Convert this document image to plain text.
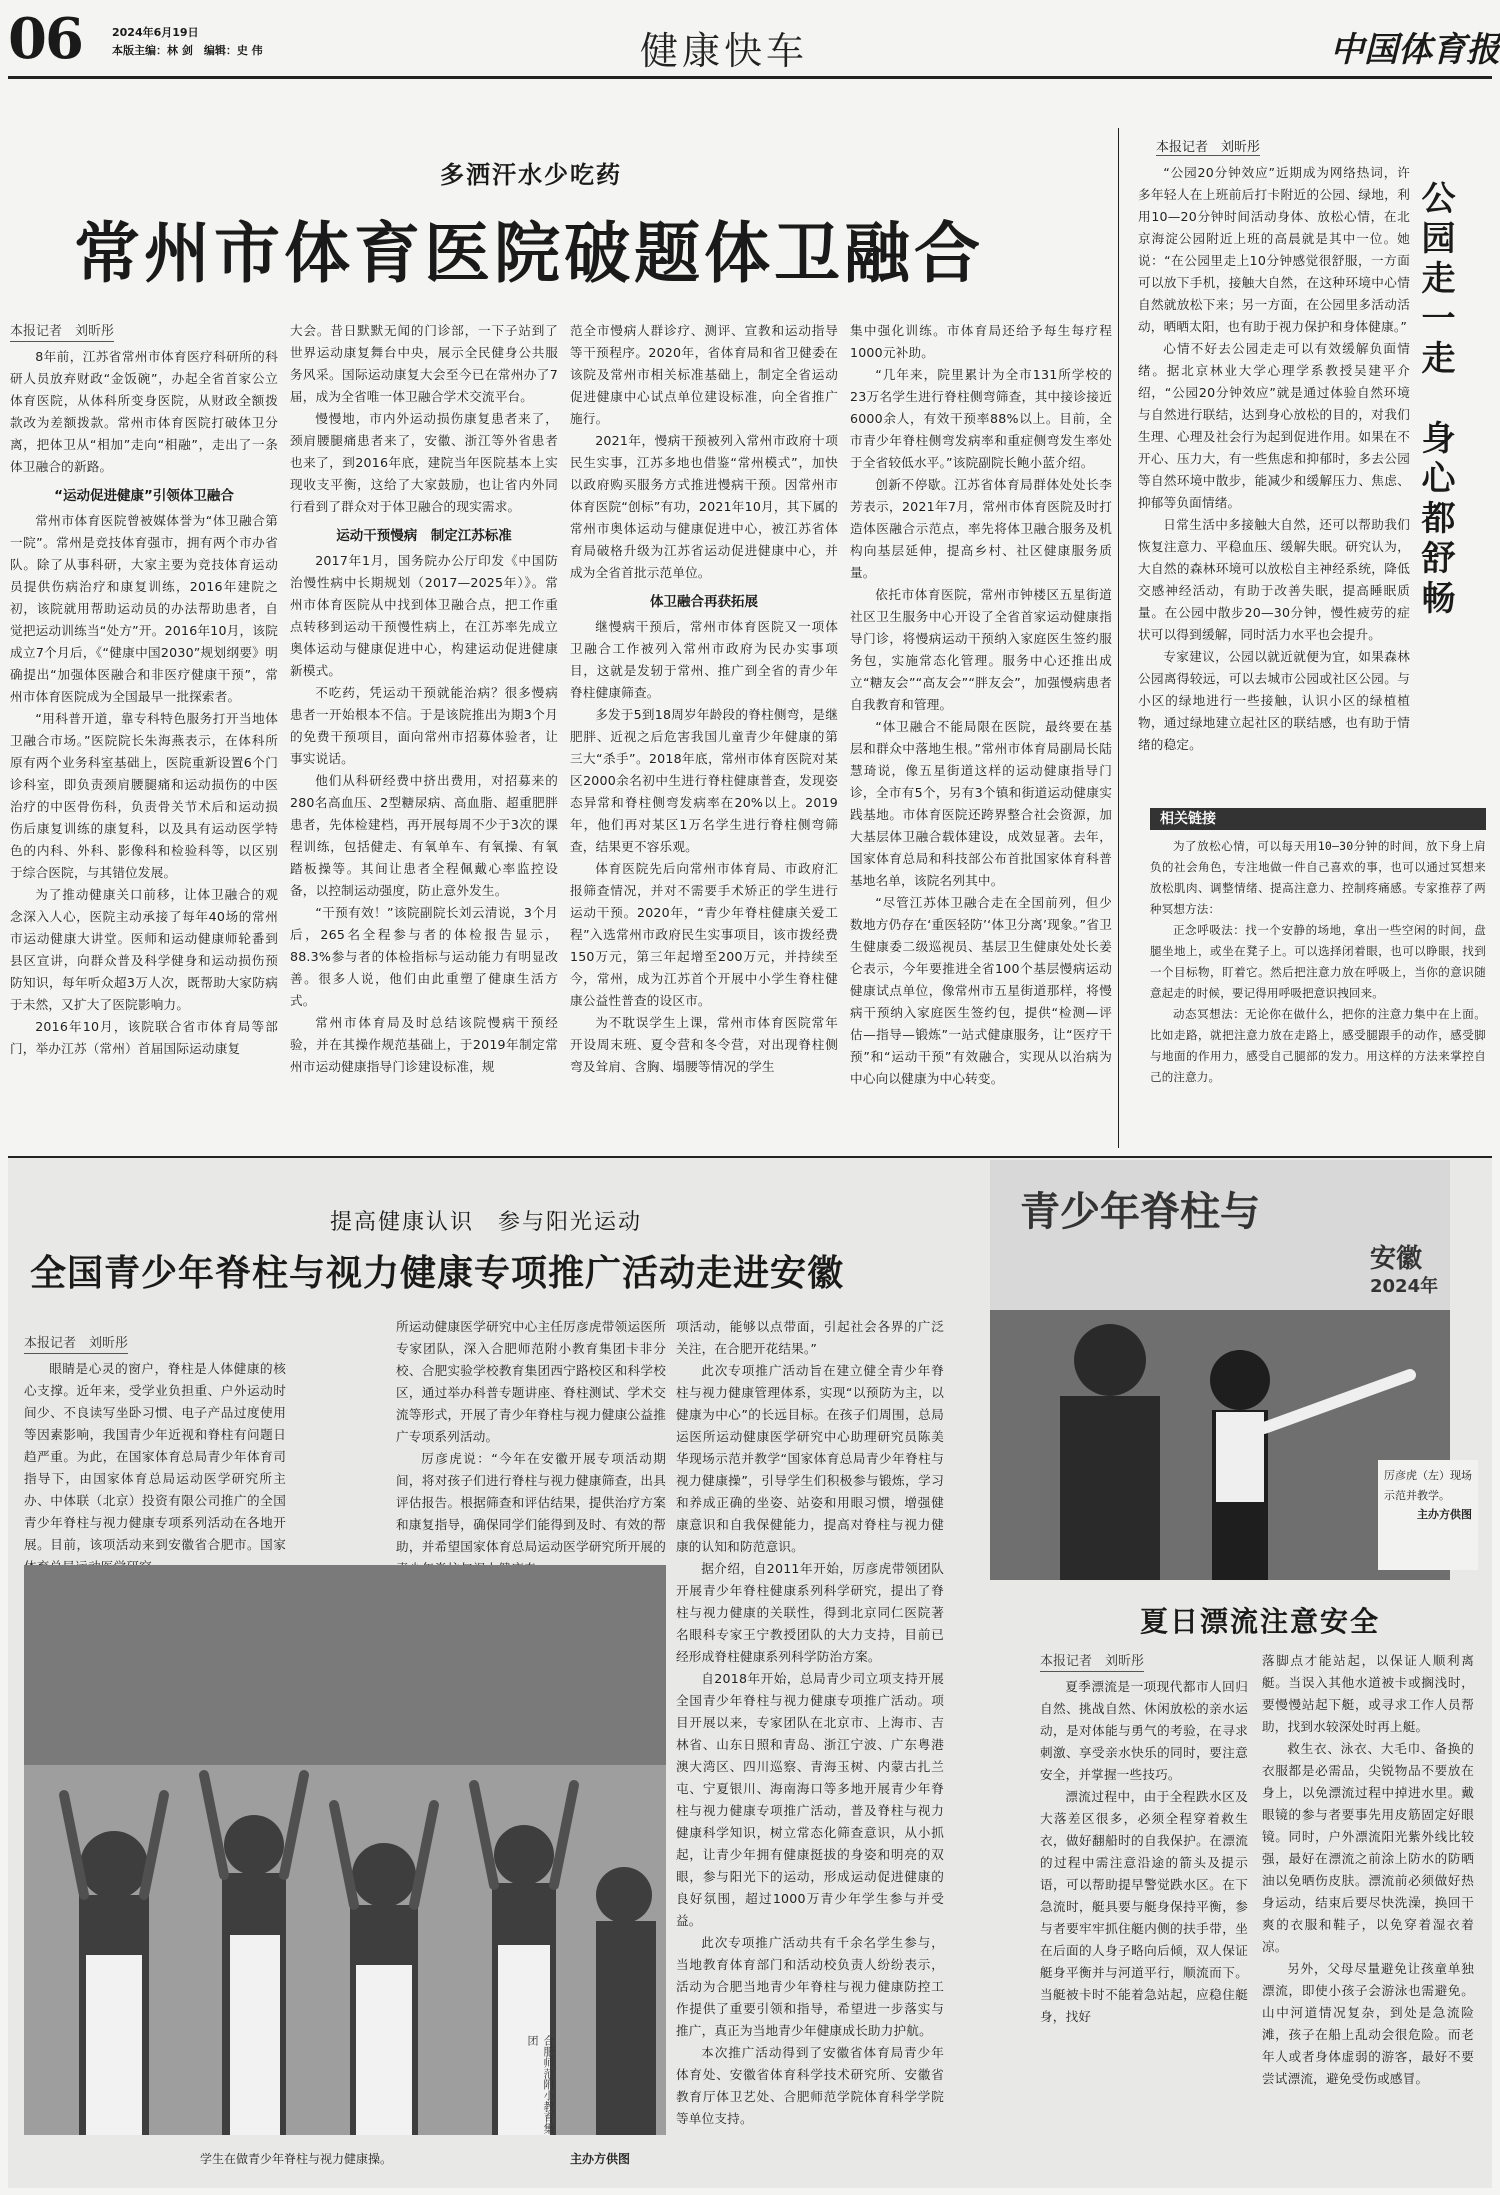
06	2024年6月19日
本版主编：林 剑　编辑：史 伟	健康快车	中国体育报
多洒汗水少吃药
常州市体育医院破题体卫融合
本报记者　刘昕彤

8年前，江苏省常州市体育医疗科研所的科研人员放弃财政“金饭碗”，办起全省首家公立体育医院，从体科所变身医院，从财政全额拨款改为差额拨款。常州市体育医院打破体卫分离，把体卫从“相加”走向“相融”，走出了一条体卫融合的新路。

“运动促进健康”引领体卫融合

常州市体育医院曾被媒体誉为“体卫融合第一院”。常州是竞技体育强市，拥有两个市办省队。除了从事科研，大家主要为竞技体育运动员提供伤病治疗和康复训练，2016年建院之初，该院就用帮助运动员的办法帮助患者，自觉把运动训练当“处方”开。2016年10月，该院成立7个月后，《“健康中国2030”规划纲要》明确提出“加强体医融合和非医疗健康干预”，常州市体育医院成为全国最早一批探索者。

“用科普开道，靠专科特色服务打开当地体卫融合市场。”医院院长朱海燕表示，在体科所原有两个业务科室基础上，医院重新设置6个门诊科室，即负责颈肩腰腿痛和运动损伤的中医治疗的中医骨伤科，负责骨关节术后和运动损伤后康复训练的康复科，以及具有运动医学特色的内科、外科、影像科和检验科等，以区别于综合医院，与其错位发展。

为了推动健康关口前移，让体卫融合的观念深入人心，医院主动承接了每年40场的常州市运动健康大讲堂。医师和运动健康师轮番到县区宣讲，向群众普及科学健身和运动损伤预防知识，每年听众超3万人次，既帮助大家防病于未然，又扩大了医院影响力。

2016年10月，该院联合省市体育局等部门，举办江苏（常州）首届国际运动康复

大会。昔日默默无闻的门诊部，一下子站到了世界运动康复舞台中央，展示全民健身公共服务风采。国际运动康复大会至今已在常州办了7届，成为全省唯一体卫融合学术交流平台。

慢慢地，市内外运动损伤康复患者来了，颈肩腰腿痛患者来了，安徽、浙江等外省患者也来了，到2016年底，建院当年医院基本上实现收支平衡，这给了大家鼓励，也让省内外同行看到了群众对于体卫融合的现实需求。

运动干预慢病　制定江苏标准

2017年1月，国务院办公厅印发《中国防治慢性病中长期规划（2017—2025年）》。常州市体育医院从中找到体卫融合点，把工作重点转移到运动干预慢性病上，在江苏率先成立奥体运动与健康促进中心，构建运动促进健康新模式。

不吃药，凭运动干预就能治病？很多慢病患者一开始根本不信。于是该院推出为期3个月的免费干预项目，面向常州市招募体验者，让事实说话。

他们从科研经费中挤出费用，对招募来的280名高血压、2型糖尿病、高血脂、超重肥胖患者，先体检建档，再开展每周不少于3次的课程训练，包括健走、有氧单车、有氧操、有氧踏板操等。其间让患者全程佩戴心率监控设备，以控制运动强度，防止意外发生。

“干预有效！”该院副院长刘云清说，3个月后，265名全程参与者的体检报告显示，88.3%参与者的体检指标与运动能力有明显改善。很多人说，他们由此重塑了健康生活方式。

常州市体育局及时总结该院慢病干预经验，并在其操作规范基础上，于2019年制定常州市运动健康指导门诊建设标准，规

范全市慢病人群诊疗、测评、宣教和运动指导等干预程序。2020年，省体育局和省卫健委在该院及常州市相关标准基础上，制定全省运动促进健康中心试点单位建设标准，向全省推广施行。

2021年，慢病干预被列入常州市政府十项民生实事，江苏多地也借鉴“常州模式”，加快以政府购买服务方式推进慢病干预。因常州市体育医院“创标”有功，2021年10月，其下属的常州市奥体运动与健康促进中心，被江苏省体育局破格升级为江苏省运动促进健康中心，并成为全省首批示范单位。

体卫融合再获拓展

继慢病干预后，常州市体育医院又一项体卫融合工作被列入常州市政府为民办实事项目，这就是发轫于常州、推广到全省的青少年脊柱健康筛查。

多发于5到18周岁年龄段的脊柱侧弯，是继肥胖、近视之后危害我国儿童青少年健康的第三大“杀手”。2018年底，常州市体育医院对某区2000余名初中生进行脊柱健康普查，发现姿态异常和脊柱侧弯发病率在20%以上。2019年，他们再对某区1万名学生进行脊柱侧弯筛查，结果更不容乐观。

体育医院先后向常州市体育局、市政府汇报筛查情况，并对不需要手术矫正的学生进行运动干预。2020年，“青少年脊柱健康关爱工程”入选常州市政府民生实事项目，该市拨经费150万元，第三年起增至200万元，并持续至今，常州，成为江苏首个开展中小学生脊柱健康公益性普查的设区市。

为不耽误学生上课，常州市体育医院常年开设周末班、夏令营和冬令营，对出现脊柱侧弯及耸肩、含胸、塌腰等情况的学生

集中强化训练。市体育局还给予每生每疗程1000元补助。

“几年来，院里累计为全市131所学校的23万名学生进行脊柱侧弯筛查，其中接诊接近6000余人，有效干预率88%以上。目前，全市青少年脊柱侧弯发病率和重症侧弯发生率处于全省较低水平。”该院副院长鲍小蓝介绍。

创新不停歇。江苏省体育局群体处处长李芳表示，2021年7月，常州市体育医院及时打造体医融合示范点，率先将体卫融合服务及机构向基层延伸，提高乡村、社区健康服务质量。

依托市体育医院，常州市钟楼区五星街道社区卫生服务中心开设了全省首家运动健康指导门诊，将慢病运动干预纳入家庭医生签约服务包，实施常态化管理。服务中心还推出成立“糖友会”“高友会”“胖友会”，加强慢病患者自我教育和管理。

“体卫融合不能局限在医院，最终要在基层和群众中落地生根。”常州市体育局副局长陆慧琦说，像五星街道这样的运动健康指导门诊，全市有5个，另有3个镇和街道运动健康实践基地。市体育医院还跨界整合社会资源，加大基层体卫融合载体建设，成效显著。去年，国家体育总局和科技部公布首批国家体育科普基地名单，该院名列其中。

“尽管江苏体卫融合走在全国前列，但少数地方仍存在‘重医轻防’‘体卫分离’现象。”省卫生健康委二级巡视员、基层卫生健康处处长姜仑表示，今年要推进全省100个基层慢病运动健康试点单位，像常州市五星街道那样，将慢病干预纳入家庭医生签约包，提供“检测—评估—指导—锻炼”一站式健康服务，让“医疗干预”和“运动干预”有效融合，实现从以治病为中心向以健康为中心转变。

本报记者　刘昕彤

“公园20分钟效应”近期成为网络热词，许多年轻人在上班前后打卡附近的公园、绿地，利用10—20分钟时间活动身体、放松心情，在北京海淀公园附近上班的高晨就是其中一位。她说：“在公园里走上10分钟感觉很舒服，一方面可以放下手机，接触大自然，在这种环境中心情自然就放松下来；另一方面，在公园里多活动活动，晒晒太阳，也有助于视力保护和身体健康。”

心情不好去公园走走可以有效缓解负面情绪。据北京林业大学心理学系教授吴建平介绍，“公园20分钟效应”就是通过体验自然环境与自然进行联结，达到身心放松的目的，对我们生理、心理及社会行为起到促进作用。如果在不开心、压力大，有一些焦虑和抑郁时，多去公园等自然环境中散步，能减少和缓解压力、焦虑、抑郁等负面情绪。

日常生活中多接触大自然，还可以帮助我们恢复注意力、平稳血压、缓解失眠。研究认为，大自然的森林环境可以放松自主神经系统，降低交感神经活动，有助于改善失眠，提高睡眠质量。在公园中散步20—30分钟，慢性疲劳的症状可以得到缓解，同时活力水平也会提升。

专家建议，公园以就近就便为宜，如果森林公园离得较远，可以去城市公园或社区公园。与小区的绿地进行一些接触，认识小区的绿植植物，通过绿地建立起社区的联结感，也有助于情绪的稳定。

公园走一走　身心都舒畅
相关链接

为了放松心情，可以每天用10—30分钟的时间，放下身上肩负的社会角色，专注地做一件自己喜欢的事，也可以通过冥想来放松肌肉、调整情绪、提高注意力、控制疼痛感。专家推荐了两种冥想方法：

正念呼吸法：找一个安静的场地，拿出一些空闲的时间，盘腿坐地上，或坐在凳子上。可以选择闭着眼，也可以睁眼，找到一个目标物，盯着它。然后把注意力放在呼吸上，当你的意识随意起走的时候，要记得用呼吸把意识拽回来。

动态冥想法：无论你在做什么，把你的注意力集中在上面。比如走路，就把注意力放在走路上，感受腿跟手的动作，感受脚与地面的作用力，感受自己腿部的发力。用这样的方法来掌控自己的注意力。

提高健康认识　参与阳光运动
全国青少年脊柱与视力健康专项推广活动走进安徽
本报记者　刘昕彤

眼睛是心灵的窗户，脊柱是人体健康的核心支撑。近年来，受学业负担重、户外运动时间少、不良读写坐卧习惯、电子产品过度使用等因素影响，我国青少年近视和脊柱有问题日趋严重。为此，在国家体育总局青少年体育司指导下，由国家体育总局运动医学研究所主办、中体联（北京）投资有限公司推广的全国青少年脊柱与视力健康专项系列活动在各地开展。目前，该项活动来到安徽省合肥市。国家

所运动健康医学研究中心主任厉彦虎带领运医所专家团队，深入合肥师范附小教育集团卡非分校、合肥实验学校教育集团西宁路校区和科学校区，通过举办科普专题讲座、脊柱测试、学术交流等形式，开展了青少年脊柱与视力健康公益推广专项系列活动。

厉彦虎说：“今年在安徽开展专项活动期间，将对孩子们进行脊柱与视力健康筛查，出具评估报告。根据筛查和评估结果，提供治疗方案和康复指导，确保同学们能得到及时、有效的帮助，并希望国家体育总局运动医学研究所开展的

合肥师范附小教育集团
学生在做青少年脊柱与视力健康操。	主办方供图

项活动，能够以点带面，引起社会各界的广泛关注，在合肥开花结果。”

此次专项推广活动旨在建立健全青少年脊柱与视力健康管理体系，实现“以预防为主，以健康为中心”的长远目标。在孩子们周围，总局运医所运动健康医学研究中心助理研究员陈美华现场示范并教学“国家体育总局青少年脊柱与视力健康操”，引导学生们积极参与锻炼，学习和养成正确的坐姿、站姿和用眼习惯，增强健康意识和自我保健能力，提高对脊柱与视力健康的认知和防范意识。

据介绍，自2011年开始，厉彦虎带领团队开展青少年脊柱健康系列科学研究，提出了脊柱与视力健康的关联性，得到北京同仁医院著名眼科专家王宁教授团队的大力支持，目前已经形成脊柱健康系列科学防治方案。

自2018年开始，总局青少司立项支持开展全国青少年脊柱与视力健康专项推广活动。项目开展以来，专家团队在北京市、上海市、吉林省、山东日照和青岛、浙江宁波、广东粤港澳大湾区、四川巡察、青海玉树、内蒙古扎兰屯、宁夏银川、海南海口等多地开展青少年脊柱与视力健康专项推广活动，普及脊柱与视力健康科学知识，树立常态化筛查意识，从小抓起，让青少年拥有健康挺拔的身姿和明亮的双眼，参与阳光下的运动，形成运动促进健康的良好氛围，超过1000万青少年学生参与并受益。

此次专项推广活动共有千余名学生参与，当地教育体育部门和活动校负责人纷纷表示，活动为合肥当地青少年脊柱与视力健康防控工作提供了重要引领和指导，希望进一步落实与推广，真正为当地青少年健康成长助力护航。

本次推广活动得到了安徽省体育局青少年体育处、安徽省体育科学技术研究所、安徽省教育厅体卫艺处、合肥师范学院体育科学学院等单位支持。

青少年脊柱与
安徽
2024年
厉彦虎（左）现场示范并教学。
主办方供图
夏日漂流注意安全
本报记者　刘昕彤

夏季漂流是一项现代都市人回归自然、挑战自然、休闲放松的亲水运动，是对体能与勇气的考验，在寻求刺激、享受亲水快乐的同时，要注意安全，并掌握一些技巧。

漂流过程中，由于全程跌水区及大落差区很多，必须全程穿着救生衣，做好翻船时的自我保护。在漂流的过程中需注意沿途的箭头及提示语，可以帮助提早警觉跌水区。在下急流时，艇具要与艇身保持平衡，参与者要牢牢抓住艇内侧的扶手带，坐在后面的人身子略向后倾，双人保证艇身平衡并与河道平行，顺流而下。当艇被卡时不能着急站起，应稳住艇身，找好

落脚点才能站起，以保证人顺利离艇。当误入其他水道被卡或搁浅时，要慢慢站起下艇，或寻求工作人员帮助，找到水较深处时再上艇。

救生衣、泳衣、大毛巾、备换的衣服都是必需品，尖锐物品不要放在身上，以免漂流过程中掉进水里。戴眼镜的参与者要事先用皮筋固定好眼镜。同时，户外漂流阳光紫外线比较强，最好在漂流之前涂上防水的防晒油以免晒伤皮肤。漂流前必须做好热身运动，结束后要尽快洗澡，换回干爽的衣服和鞋子，以免穿着湿衣着凉。

另外，父母尽量避免让孩童单独漂流，即使小孩子会游泳也需避免。山中河道情况复杂，到处是急流险滩，孩子在船上乱动会很危险。而老年人或者身体虚弱的游客，最好不要尝试漂流，避免受伤或感冒。
